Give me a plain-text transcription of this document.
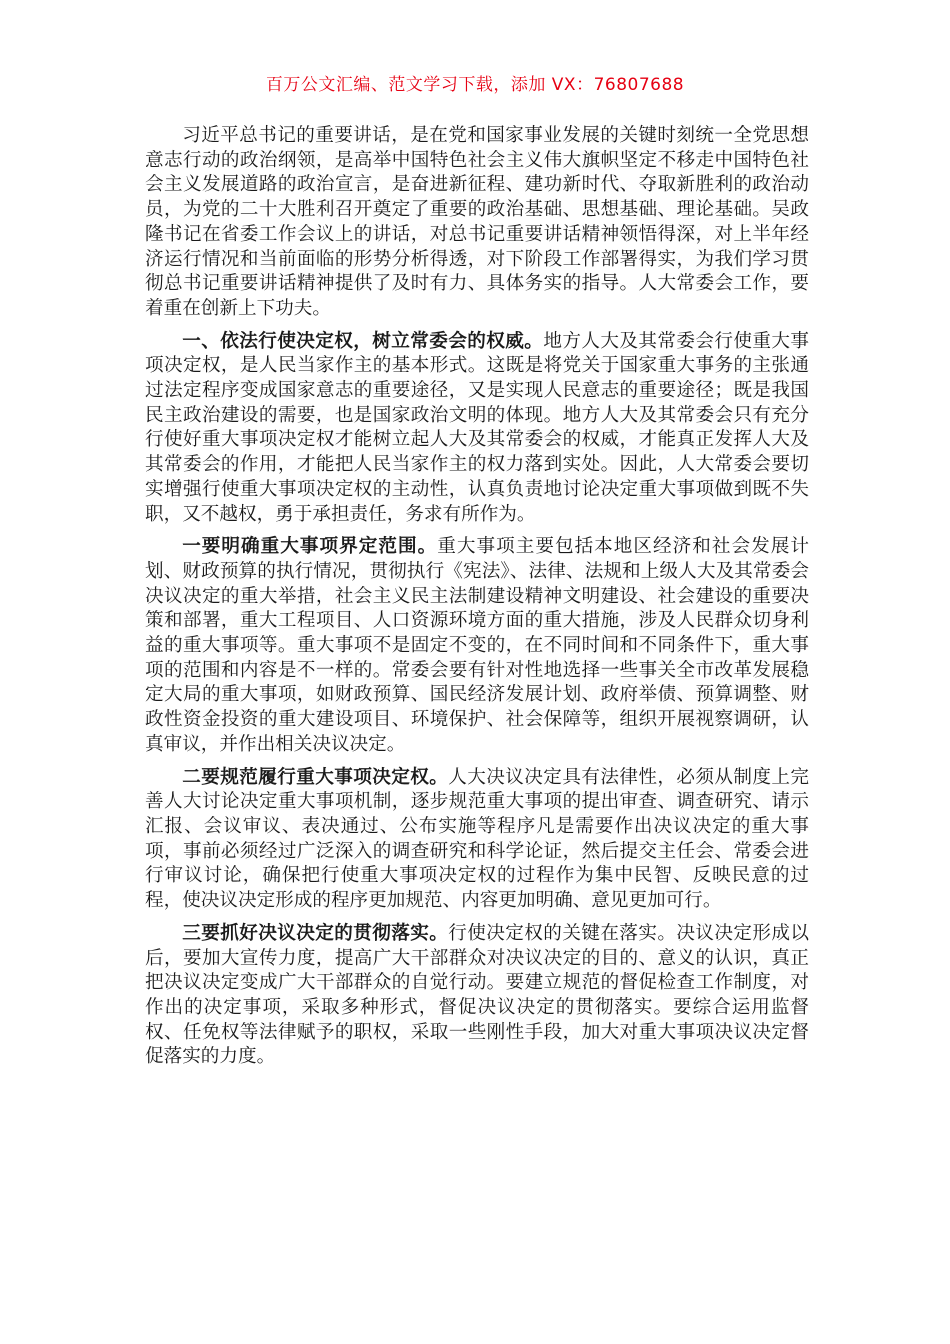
百万公文汇编、范文学习下载，添加 VX：76807688

习近平总书记的重要讲话，是在党和国家事业发展的关键时刻统一全党思想意志行动的政治纲领，是高举中国特色社会主义伟大旗帜坚定不移走中国特色社会主义发展道路的政治宣言，是奋进新征程、建功新时代、夺取新胜利的政治动员，为党的二十大胜利召开奠定了重要的政治基础、思想基础、理论基础。吴政隆书记在省委工作会议上的讲话，对总书记重要讲话精神领悟得深，对上半年经济运行情况和当前面临的形势分析得透，对下阶段工作部署得实，为我们学习贯彻总书记重要讲话精神提供了及时有力、具体务实的指导。人大常委会工作，要着重在创新上下功夫。

一、依法行使决定权，树立常委会的权威。地方人大及其常委会行使重大事项决定权，是人民当家作主的基本形式。这既是将党关于国家重大事务的主张通过法定程序变成国家意志的重要途径，又是实现人民意志的重要途径；既是我国民主政治建设的需要，也是国家政治文明的体现。地方人大及其常委会只有充分行使好重大事项决定权才能树立起人大及其常委会的权威，才能真正发挥人大及其常委会的作用，才能把人民当家作主的权力落到实处。因此，人大常委会要切实增强行使重大事项决定权的主动性，认真负责地讨论决定重大事项做到既不失职，又不越权，勇于承担责任，务求有所作为。

一要明确重大事项界定范围。重大事项主要包括本地区经济和社会发展计划、财政预算的执行情况，贯彻执行《宪法》、法律、法规和上级人大及其常委会决议决定的重大举措，社会主义民主法制建设精神文明建设、社会建设的重要决策和部署，重大工程项目、人口资源环境方面的重大措施，涉及人民群众切身利益的重大事项等。重大事项不是固定不变的，在不同时间和不同条件下，重大事项的范围和内容是不一样的。常委会要有针对性地选择一些事关全市改革发展稳定大局的重大事项，如财政预算、国民经济发展计划、政府举债、预算调整、财政性资金投资的重大建设项目、环境保护、社会保障等，组织开展视察调研，认真审议，并作出相关决议决定。

二要规范履行重大事项决定权。人大决议决定具有法律性，必须从制度上完善人大讨论决定重大事项机制，逐步规范重大事项的提出审查、调查研究、请示汇报、会议审议、表决通过、公布实施等程序凡是需要作出决议决定的重大事项，事前必须经过广泛深入的调查研究和科学论证，然后提交主任会、常委会进行审议讨论，确保把行使重大事项决定权的过程作为集中民智、反映民意的过程，使决议决定形成的程序更加规范、内容更加明确、意见更加可行。

三要抓好决议决定的贯彻落实。行使决定权的关键在落实。决议决定形成以后，要加大宣传力度，提高广大干部群众对决议决定的目的、意义的认识，真正把决议决定变成广大干部群众的自觉行动。要建立规范的督促检查工作制度，对作出的决定事项，采取多种形式，督促决议决定的贯彻落实。要综合运用监督权、任免权等法律赋予的职权，采取一些刚性手段，加大对重大事项决议决定督促落实的力度。
